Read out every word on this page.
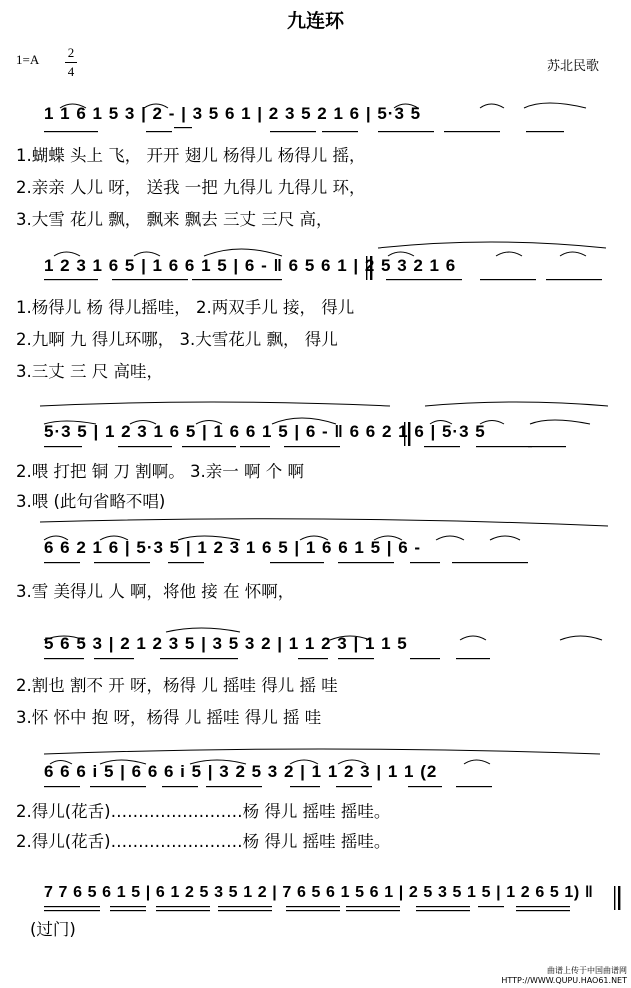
九连环
1=A 2
4	苏北民歌
1 1 6 1 5 3 | 2 - | 3 5 6 1 | 2 3 5 2 1 6 | 5·3 5
1.蝴蝶 头上 飞， 开开 翅儿 杨得儿 杨得儿 摇，
2.亲亲 人儿 呀， 送我 一把 九得儿 九得儿 环，
3.大雪 花儿 飘， 飘来 飘去 三丈 三尺 高，
1 2 3 1 6 5 | 1 6 6 1 5 | 6 - ‖ 6 5 6 1 | 2 5 3 2 1 6
1.杨得儿 杨 得儿摇哇， 2.两双手儿 接， 得儿
2.九啊 九 得儿环哪， 3.大雪花儿 飘， 得儿
3.三丈 三 尺 高哇，
5·3 5 | 1 2 3 1 6 5 | 1 6 6 1 5 | 6 - ‖ 6 6 2 1 6 | 5·3 5
2.喂 打把 铜 刀 割啊。 3.亲一 啊 个 啊
3.喂 (此句省略不唱)
6 6 2 1 6 | 5·3 5 | 1 2 3 1 6 5 | 1 6 6 1 5 | 6 -
3.雪 美得儿 人 啊，将他 接 在 怀啊，
5 6 5 3 | 2 1 2 3 5 | 3 5 3 2 | 1 1 2 3 | 1 1 5
2.割也 割不 开 呀，杨得 儿 摇哇 得儿 摇 哇
3.怀 怀中 抱 呀，杨得 儿 摇哇 得儿 摇 哇
6 6 6 i 5 | 6 6 6 i 5 | 3 2 5 3 2 | 1 1 2 3 | 1 1 (2
2.得儿(花舌)……………………杨 得儿 摇哇 摇哇。
2.得儿(花舌)……………………杨 得儿 摇哇 摇哇。
7 7 6 5 6 1 5 | 6 1 2 5 3 5 1 2 | 7 6 5 6 1 5 6 1 | 2 5 3 5 1 5 | 1 2 6 5 1) ‖
(过门)
曲谱上传于中国曲谱网
HTTP://WWW.QUPU.HAO61.NET
